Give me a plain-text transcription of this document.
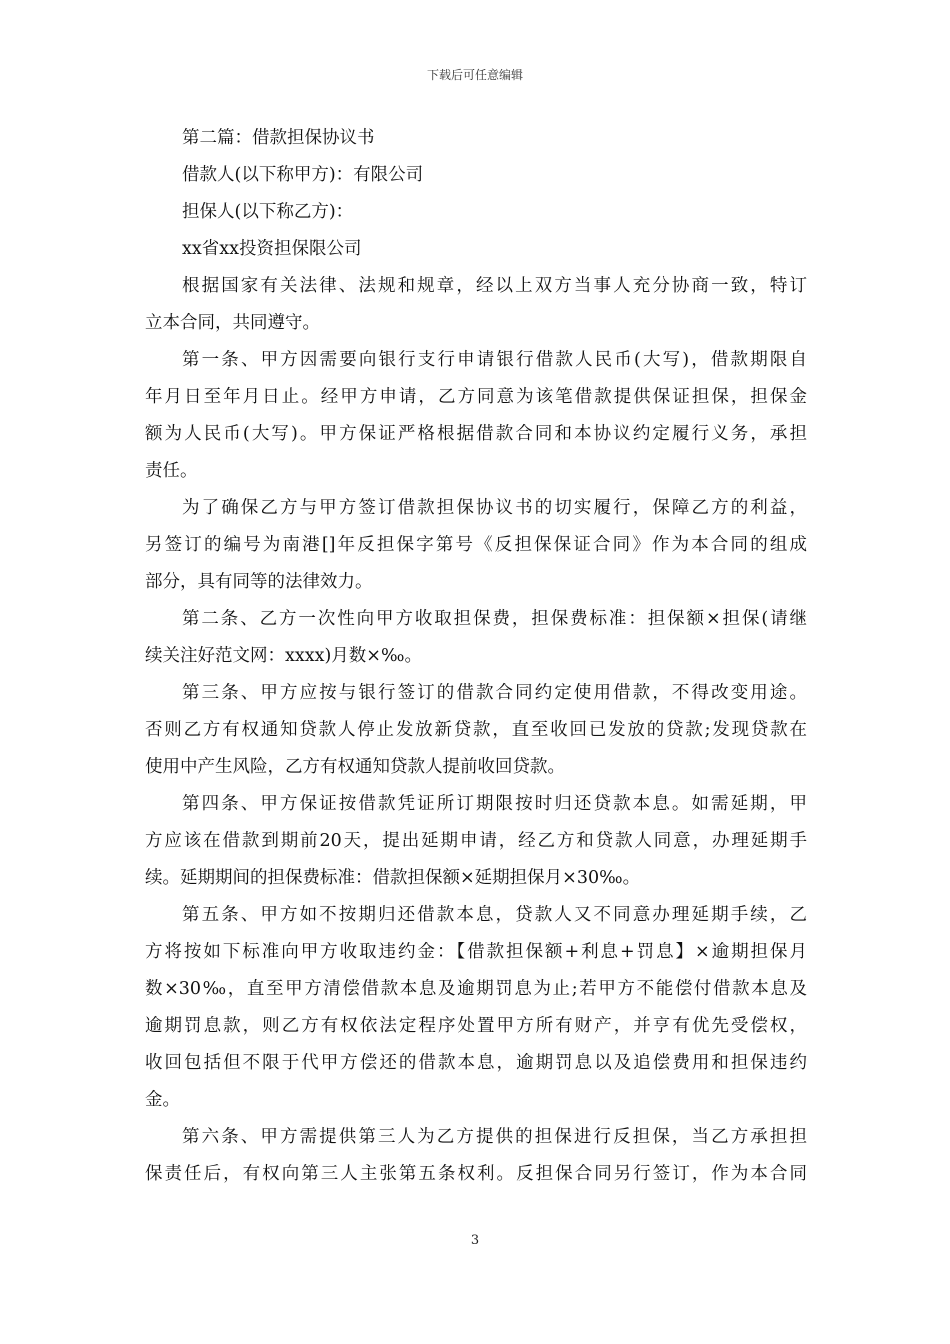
下载后可任意编辑
第二篇：借款担保协议书
借款人(以下称甲方)：有限公司
担保人(以下称乙方)：
xx省xx投资担保限公司
根据国家有关法律、法规和规章，经以上双方当事人充分协商一致，特订
立本合同，共同遵守。
第一条、甲方因需要向银行支行申请银行借款人民币(大写)，借款期限自
年月日至年月日止。经甲方申请，乙方同意为该笔借款提供保证担保，担保金
额为人民币(大写)。甲方保证严格根据借款合同和本协议约定履行义务，承担
责任。
为了确保乙方与甲方签订借款担保协议书的切实履行，保障乙方的利益，
另签订的编号为南港[]年反担保字第号《反担保保证合同》作为本合同的组成
部分，具有同等的法律效力。
第二条、乙方一次性向甲方收取担保费，担保费标准：担保额×担保(请继
续关注好范文网：xxxx)月数×‰。
第三条、甲方应按与银行签订的借款合同约定使用借款，不得改变用途。
否则乙方有权通知贷款人停止发放新贷款，直至收回已发放的贷款;发现贷款在
使用中产生风险，乙方有权通知贷款人提前收回贷款。
第四条、甲方保证按借款凭证所订期限按时归还贷款本息。如需延期，甲
方应该在借款到期前20天，提出延期申请，经乙方和贷款人同意，办理延期手
续。延期期间的担保费标准：借款担保额×延期担保月×30‰。
第五条、甲方如不按期归还借款本息，贷款人又不同意办理延期手续，乙
方将按如下标准向甲方收取违约金：【借款担保额+利息+罚息】×逾期担保月
数×30‰，直至甲方清偿借款本息及逾期罚息为止;若甲方不能偿付借款本息及
逾期罚息款，则乙方有权依法定程序处置甲方所有财产，并亨有优先受偿权，
收回包括但不限于代甲方偿还的借款本息，逾期罚息以及追偿费用和担保违约
金。
第六条、甲方需提供第三人为乙方提供的担保进行反担保，当乙方承担担
保责任后，有权向第三人主张第五条权利。反担保合同另行签订，作为本合同
3
